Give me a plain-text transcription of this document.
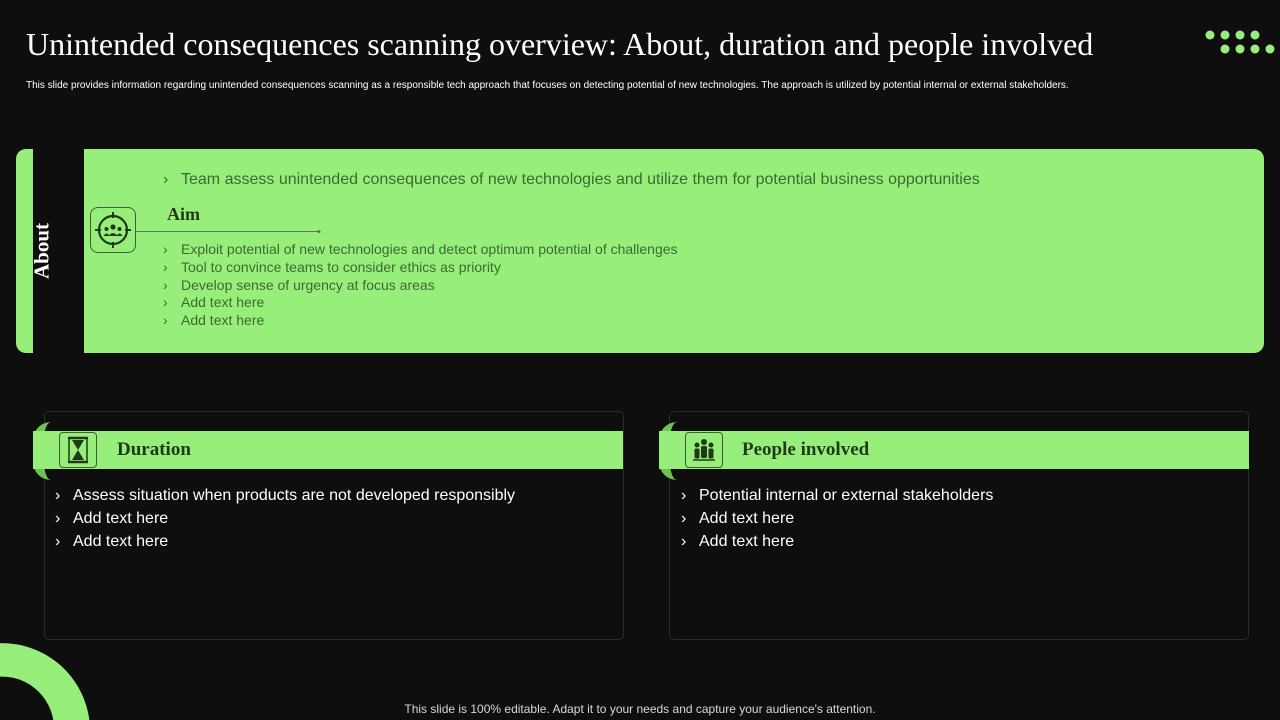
Unintended consequences scanning overview: About, duration and people involved

This slide provides information regarding unintended consequences scanning as a responsible tech approach that focuses on detecting potential of new technologies. The approach is utilized by potential internal or external stakeholders.

About
› Team assess unintended consequences of new technologies and utilize them for potential business opportunities
Aim
› Exploit potential of new technologies and detect optimum potential of challenges
› Tool to convince teams to consider ethics as priority
› Develop sense of urgency at focus areas
› Add text here
› Add text here
Duration
› Assess situation when products are not developed responsibly
› Add text here
› Add text here
People involved
› Potential internal or external stakeholders
› Add text here
› Add text here
This slide is 100% editable. Adapt it to your needs and capture your audience's attention.
